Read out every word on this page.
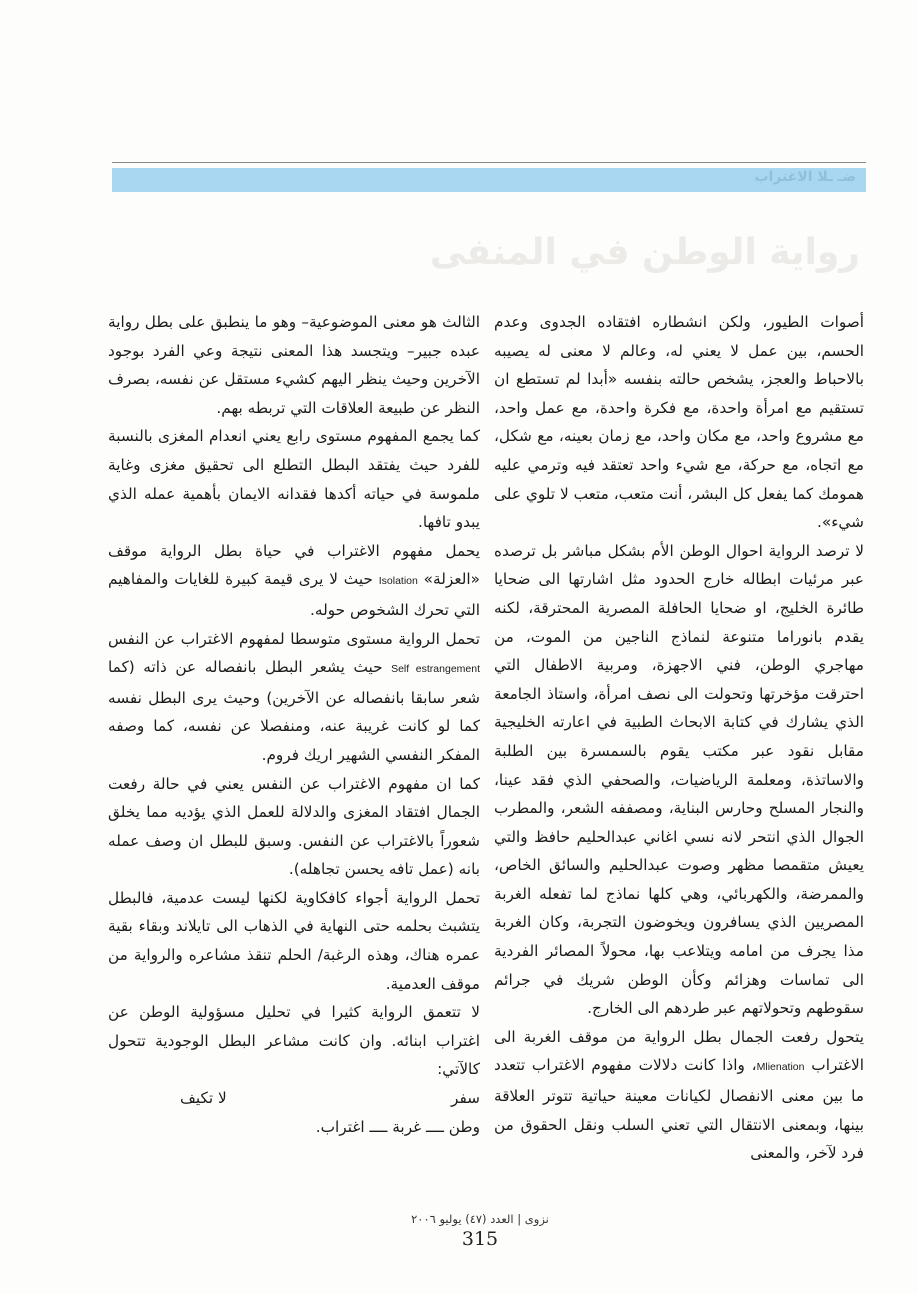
ضـ ـلا الاغتراب
رواية الوطن في المنفى

أصوات الطيور، ولكن انشطاره افتقاده الجدوى وعدم الحسم، بين عمل لا يعني له، وعالم لا معنى له يصيبه بالاحباط والعجز، يشخص حالته بنفسه «أبدا لم تستطع ان تستقيم مع امرأة واحدة، مع فكرة واحدة، مع عمل واحد، مع مشروع واحد، مع مكان واحد، مع زمان بعينه، مع شكل، مع اتجاه، مع حركة، مع شيء واحد تعتقد فيه وترمي عليه همومك كما يفعل كل البشر، أنت متعب، متعب لا تلوي على شيء».

لا ترصد الرواية احوال الوطن الأم بشكل مباشر بل ترصده عبر مرئيات ابطاله خارج الحدود مثل اشارتها الى ضحايا طائرة الخليج، او ضحايا الحافلة المصرية المحترقة، لكنه يقدم بانوراما متنوعة لنماذج الناجين من الموت، من مهاجري الوطن، فني الاجهزة، ومربية الاطفال التي احترقت مؤخرتها وتحولت الى نصف امرأة، واستاذ الجامعة الذي يشارك في كتابة الابحاث الطبية في اعارته الخليجية مقابل نقود عبر مكتب يقوم بالسمسرة بين الطلبة والاساتذة، ومعلمة الرياضيات، والصحفي الذي فقد عينا، والنجار المسلح وحارس البناية، ومصففه الشعر، والمطرب الجوال الذي انتحر لانه نسي اغاني عبدالحليم حافظ والتي يعيش متقمصا مظهر وصوت عبدالحليم والسائق الخاص، والممرضة، والكهربائي، وهي كلها نماذج لما تفعله الغربة المصريين الذي يسافرون ويخوضون التجربة، وكان الغربة مذا يجرف من امامه ويتلاعب بها، محولاً المصائر الفردية الى تماسات وهزائم وكأن الوطن شريك في جرائم سقوطهم وتحولاتهم عبر طردهم الى الخارج.

يتحول رفعت الجمال بطل الرواية من موقف الغربة الى الاغتراب Mlienation، واذا كانت دلالات مفهوم الاغتراب تتعدد ما بين معنى الانفصال لكيانات معينة حياتية تتوتر العلاقة بينها، وبمعنى الانتقال التي تعني السلب ونقل الحقوق من فرد لآخر، والمعنى

الثالث هو معنى الموضوعية– وهو ما ينطبق على بطل رواية عبده جبير– ويتجسد هذا المعنى نتيجة وعي الفرد بوجود الآخرين وحيث ينظر اليهم كشيء مستقل عن نفسه، بصرف النظر عن طبيعة العلاقات التي تربطه بهم.

كما يجمع المفهوم مستوى رابع يعني انعدام المغزى بالنسبة للفرد حيث يفتقد البطل التطلع الى تحقيق مغزى وغاية ملموسة في حياته أكدها فقدانه الايمان بأهمية عمله الذي يبدو تافها.

يحمل مفهوم الاغتراب في حياة بطل الرواية موقف «العزلة» Isolation حيث لا يرى قيمة كبيرة للغايات والمفاهيم التي تحرك الشخوص حوله.

تحمل الرواية مستوى متوسطا لمفهوم الاغتراب عن النفس Self estrangement حيث يشعر البطل بانفصاله عن ذاته (كما شعر سابقا بانفصاله عن الآخرين) وحيث يرى البطل نفسه كما لو كانت غريبة عنه، ومنفصلا عن نفسه، كما وصفه المفكر النفسي الشهير اريك فروم.

كما ان مفهوم الاغتراب عن النفس يعني في حالة رفعت الجمال افتقاد المغزى والدلالة للعمل الذي يؤديه مما يخلق شعوراً بالاغتراب عن النفس. وسبق للبطل ان وصف عمله بانه (عمل تافه يحسن تجاهله).

تحمل الرواية أجواء كافكاوية لكنها ليست عدمية، فالبطل يتشبث بحلمه حتى النهاية في الذهاب الى تايلاند وبقاء بقية عمره هناك، وهذه الرغبة/ الحلم تنقذ مشاعره والرواية من موقف العدمية.

لا تتعمق الرواية كثيرا في تحليل مسؤولية الوطن عن اغتراب ابنائه. وان كانت مشاعر البطل الوجودية تتحول كالآتي:

سفر
لا تكيف
وطن ــــ غربة ــــ اغتراب.
نزوى | العدد (٤٧) يوليو ٢٠٠٦
315
